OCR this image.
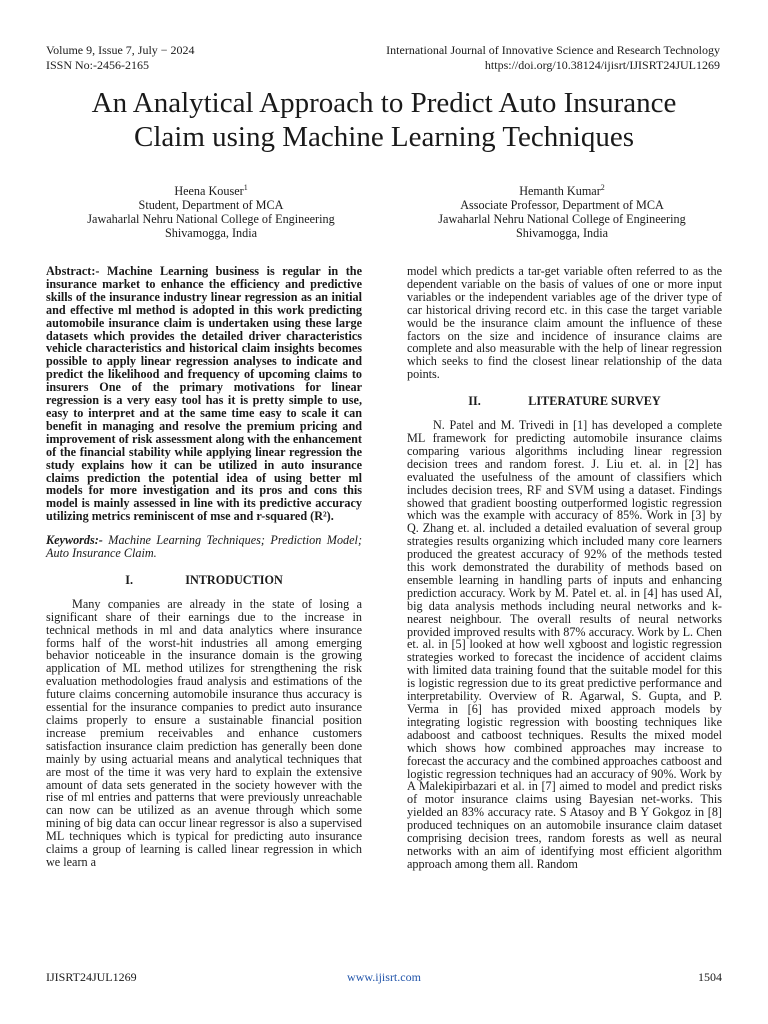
Volume 9, Issue 7, July − 2024
ISSN No:-2456-2165
International Journal of Innovative Science and Research Technology
https://doi.org/10.38124/ijisrt/IJISRT24JUL1269
An Analytical Approach to Predict Auto Insurance
Claim using Machine Learning Techniques
Heena Kouser$^1$
Student, Department of MCA
Jawaharlal Nehru National College of Engineering
Shivamogga, India
Hemanth Kumar$^2$
Associate Professor, Department of MCA
Jawaharlal Nehru National College of Engineering
Shivamogga, India

Abstract:- Machine Learning business is regular in the insurance market to enhance the efficiency and predictive skills of the insurance industry linear regression as an initial and effective ml method is adopted in this work predicting automobile insurance claim is undertaken using these large datasets which provides the detailed driver characteristics vehicle characteristics and historical claim insights becomes possible to apply linear regression analyses to indicate and predict the likelihood and frequency of upcoming claims to insurers One of the primary motivations for linear regression is a very easy tool has it is pretty simple to use, easy to interpret and at the same time easy to scale it can benefit in managing and resolve the premium pricing and improvement of risk assessment along with the enhancement of the financial stability while applying linear regression the study explains how it can be utilized in auto insurance claims prediction the potential idea of using better ml models for more investigation and its pros and cons this model is mainly assessed in line with its predictive accuracy utilizing metrics reminiscent of mse and r-squared (R²).

Keywords:- Machine Learning Techniques; Prediction Model; Auto Insurance Claim.

I.	INTRODUCTION

Many companies are already in the state of losing a significant share of their earnings due to the increase in technical methods in ml and data analytics where insurance forms half of the worst-hit industries all among emerging behavior noticeable in the insurance domain is the growing application of ML method utilizes for strengthening the risk evaluation methodologies fraud analysis and estimations of the future claims concerning automobile insurance thus accuracy is essential for the insurance companies to predict auto insurance claims properly to ensure a sustainable financial position increase premium receivables and enhance customers satisfaction insurance claim prediction has generally been done mainly by using actuarial means and analytical techniques that are most of the time it was very hard to explain the extensive amount of data sets generated in the society however with the rise of ml entries and patterns that were previously unreachable can now can be utilized as an avenue through which some mining of big data can occur linear regressor is also a supervised ML techniques which is typical for predicting auto insurance claims a group of learning is called linear regression in which we learn a

model which predicts a tar-get variable often referred to as the dependent variable on the basis of values of one or more input variables or the independent variables age of the driver type of car historical driving record etc. in this case the target variable would be the insurance claim amount the influence of these factors on the size and incidence of insurance claims are complete and also measurable with the help of linear regression which seeks to find the closest linear relationship of the data points.

II.	LITERATURE SURVEY

N. Patel and M. Trivedi in [1] has developed a complete ML framework for predicting automobile insurance claims comparing various algorithms including linear regression decision trees and random forest. J. Liu et. al. in [2] has evaluated the usefulness of the amount of classifiers which includes decision trees, RF and SVM using a dataset. Findings showed that gradient boosting outperformed logistic regression which was the example with accuracy of 85%. Work in [3] by Q. Zhang et. al. included a detailed evaluation of several group strategies results organizing which included many core learners produced the greatest accuracy of 92% of the methods tested this work demonstrated the durability of methods based on ensemble learning in handling parts of inputs and enhancing prediction accuracy. Work by M. Patel et. al. in [4] has used AI, big data analysis methods including neural networks and k-nearest neighbour. The overall results of neural networks provided improved results with 87% accuracy. Work by L. Chen et. al. in [5] looked at how well xgboost and logistic regression strategies worked to forecast the incidence of accident claims with limited data training found that the suitable model for this is logistic regression due to its great predictive performance and interpretability. Overview of R. Agarwal, S. Gupta, and P. Verma in [6] has provided mixed approach models by integrating logistic regression with boosting techniques like adaboost and catboost techniques. Results the mixed model which shows how combined approaches may increase to forecast the accuracy and the combined approaches catboost and logistic regression techniques had an accuracy of 90%. Work by A Malekipirbazari et al. in [7] aimed to model and predict risks of motor insurance claims using Bayesian net-works. This yielded an 83% accuracy rate. S Atasoy and B Y Gokgoz in [8] produced techniques on an automobile insurance claim dataset comprising decision trees, random forests as well as neural networks with an aim of identifying most efficient algorithm approach among them all. Random

IJISRT24JUL1269	www.ijisrt.com	1504
